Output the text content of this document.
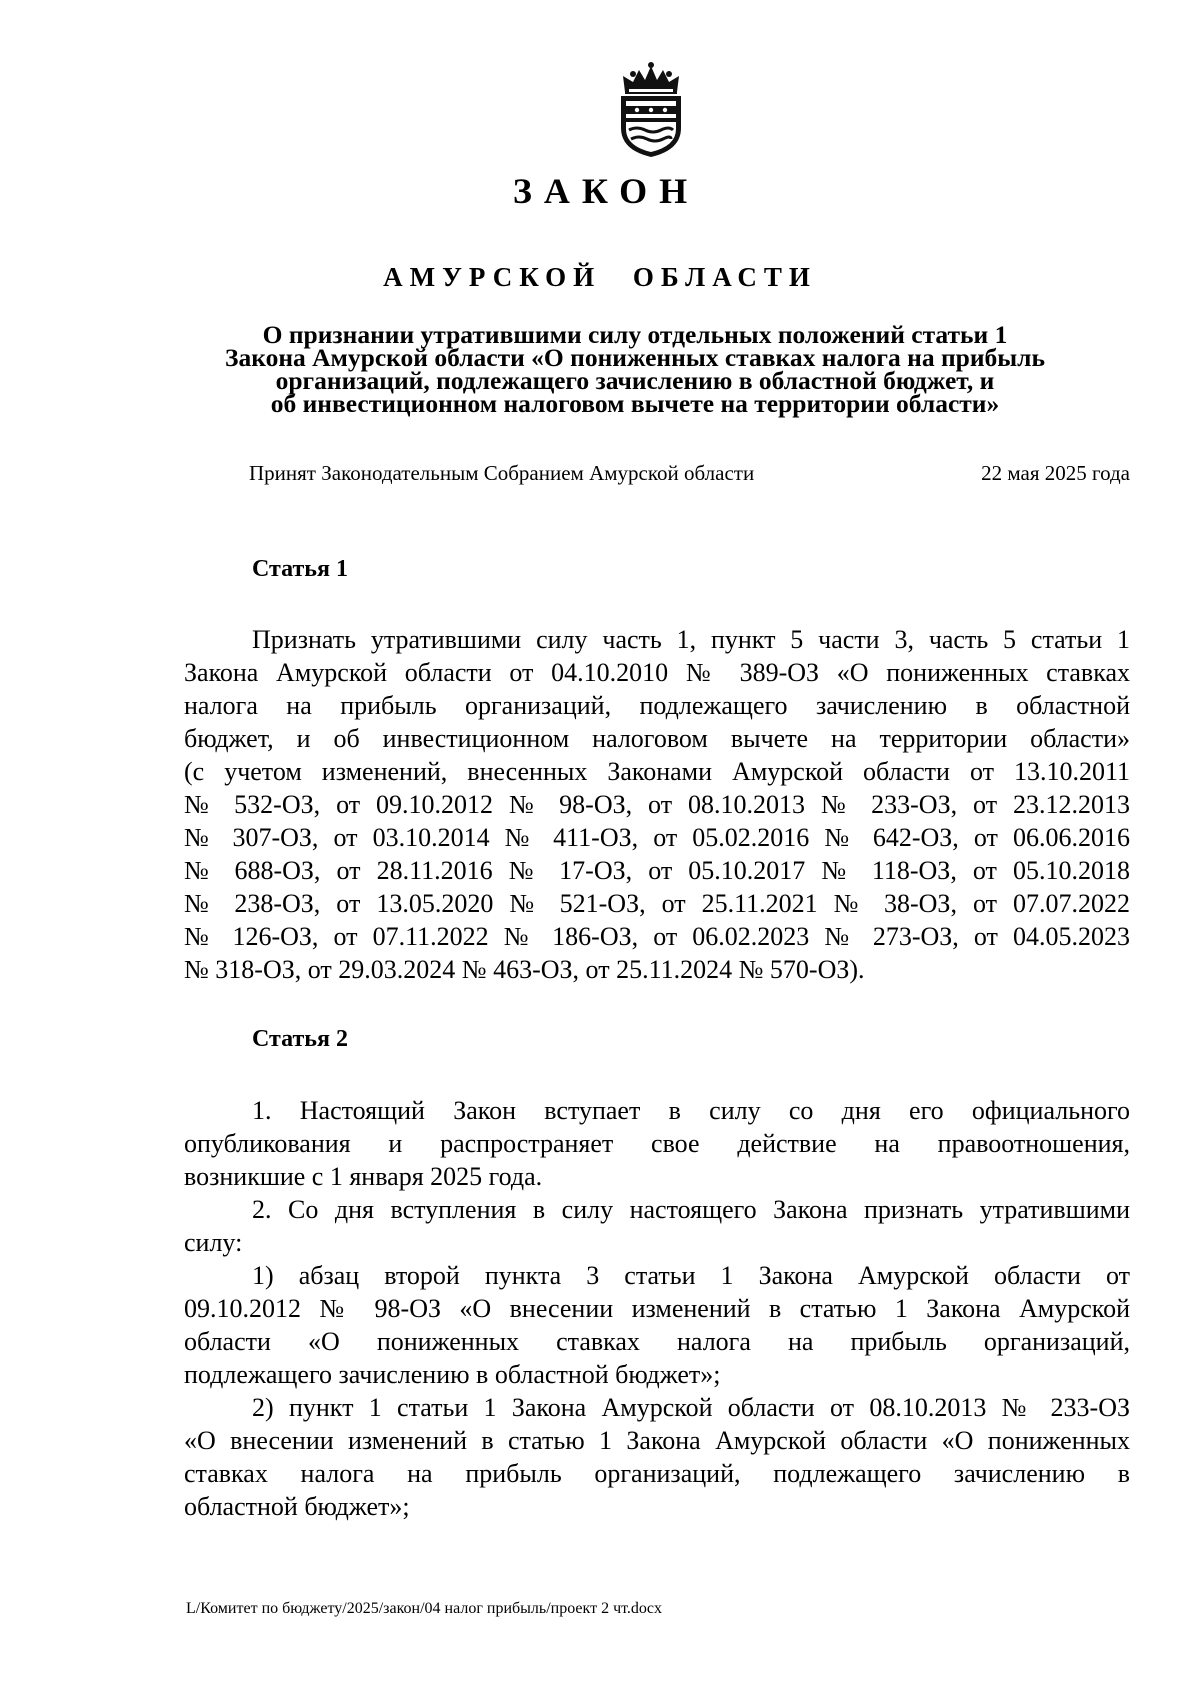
ЗАКОН
АМУРСКОЙ ОБЛАСТИ
О признании утратившими силу отдельных положений статьи 1
Закона Амурской области «О пониженных ставках налога на прибыль
организаций, подлежащего зачислению в областной бюджет, и
об инвестиционном налоговом вычете на территории области»
Принят Законодательным Собранием Амурской области	22 мая 2025 года
Статья 1
Признать утратившими силу часть 1, пункт 5 части 3, часть 5 статьи 1
Закона Амурской области от 04.10.2010 № 389-ОЗ «О пониженных ставках
налога на прибыль организаций, подлежащего зачислению в областной
бюджет, и об инвестиционном налоговом вычете на территории области»
(с учетом изменений, внесенных Законами Амурской области от 13.10.2011
№ 532-ОЗ, от 09.10.2012 № 98-ОЗ, от 08.10.2013 № 233-ОЗ, от 23.12.2013
№ 307-ОЗ, от 03.10.2014 № 411-ОЗ, от 05.02.2016 № 642-ОЗ, от 06.06.2016
№ 688-ОЗ, от 28.11.2016 № 17-ОЗ, от 05.10.2017 № 118-ОЗ, от 05.10.2018
№ 238-ОЗ, от 13.05.2020 № 521-ОЗ, от 25.11.2021 № 38-ОЗ, от 07.07.2022
№ 126-ОЗ, от 07.11.2022 № 186-ОЗ, от 06.02.2023 № 273-ОЗ, от 04.05.2023
№ 318-ОЗ, от 29.03.2024 № 463-ОЗ, от 25.11.2024 № 570-ОЗ).
Статья 2
1. Настоящий Закон вступает в силу со дня его официального
опубликования и распространяет свое действие на правоотношения,
возникшие с 1 января 2025 года.
2. Со дня вступления в силу настоящего Закона признать утратившими
силу:
1) абзац второй пункта 3 статьи 1 Закона Амурской области от
09.10.2012 № 98-ОЗ «О внесении изменений в статью 1 Закона Амурской
области «О пониженных ставках налога на прибыль организаций,
подлежащего зачислению в областной бюджет»;
2) пункт 1 статьи 1 Закона Амурской области от 08.10.2013 № 233-ОЗ
«О внесении изменений в статью 1 Закона Амурской области «О пониженных
ставках налога на прибыль организаций, подлежащего зачислению в
областной бюджет»;
L/Комитет по бюджету/2025/закон/04 налог прибыль/проект 2 чт.docx
